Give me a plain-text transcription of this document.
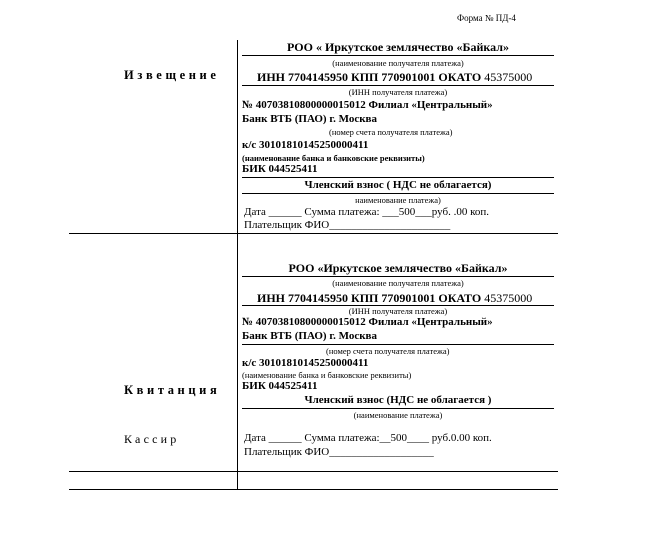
Форма № ПД-4
Извещение
РОО « Иркутское землячество «Байкал»
(наименование получателя платежа)
ИНН 7704145950 КПП 770901001 ОКАТО 45375000
(ИНН получателя платежа)
№ 40703810800000015012 Филиал «Центральный»
Банк ВТБ (ПАО) г. Москва
(номер счета получателя платежа)
к/с 30101810145250000411
(наименование банка и банковские реквизиты)
БИК 044525411
Членский взнос ( НДС не облагается)
наименование платежа)
Дата ______ Сумма платежа: ___500___руб. .00 коп.
Плательщик ФИО______________________
РОО «Иркутское землячество «Байкал»
(наименование получателя платежа)
ИНН 7704145950 КПП 770901001 ОКАТО 45375000
(ИНН получателя платежа)
№ 40703810800000015012 Филиал «Центральный»
Банк ВТБ (ПАО) г. Москва
(номер счета получателя платежа)
к/с 30101810145250000411
(наименование банка и банковские реквизиты)
БИК 044525411
Квитанция
Членский взнос (НДС не облагается )
(наименование платежа)
Кассир	Дата ______ Сумма платежа:__500____ руб.0.00 коп.
Плательщик ФИО___________________
